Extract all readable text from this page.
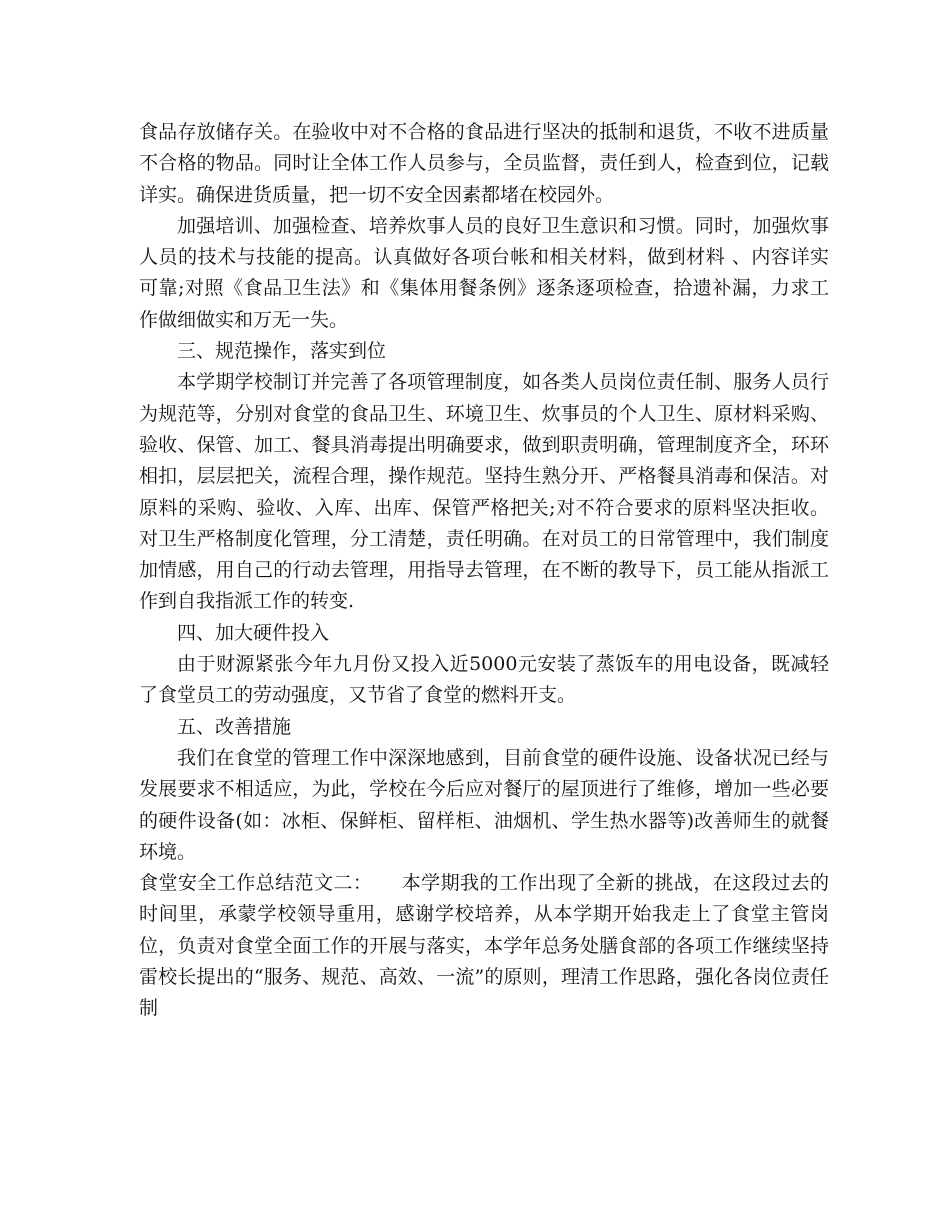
食品存放储存关。在验收中对不合格的食品进行坚决的抵制和退货，不收不进质量不合格的物品。同时让全体工作人员参与，全员监督，责任到人，检查到位，记载详实。确保进货质量，把一切不安全因素都堵在校园外。

加强培训、加强检查、培养炊事人员的良好卫生意识和习惯。同时，加强炊事人员的技术与技能的提高。认真做好各项台帐和相关材料，做到材料 、内容详实可靠;对照《食品卫生法》和《集体用餐条例》逐条逐项检查，拾遗补漏，力求工作做细做实和万无一失。

三、规范操作，落实到位

本学期学校制订并完善了各项管理制度，如各类人员岗位责任制、服务人员行为规范等，分别对食堂的食品卫生、环境卫生、炊事员的个人卫生、原材料采购、验收、保管、加工、餐具消毒提出明确要求，做到职责明确，管理制度齐全，环环相扣，层层把关，流程合理，操作规范。坚持生熟分开、严格餐具消毒和保洁。对原料的采购、验收、入库、出库、保管严格把关;对不符合要求的原料坚决拒收。对卫生严格制度化管理，分工清楚，责任明确。在对员工的日常管理中，我们制度加情感，用自己的行动去管理，用指导去管理，在不断的教导下，员工能从指派工作到自我指派工作的转变.

四、加大硬件投入

由于财源紧张今年九月份又投入近5000元安装了蒸饭车的用电设备，既减轻了食堂员工的劳动强度，又节省了食堂的燃料开支。

五、改善措施

我们在食堂的管理工作中深深地感到，目前食堂的硬件设施、设备状况已经与发展要求不相适应，为此，学校在今后应对餐厅的屋顶进行了维修，增加一些必要的硬件设备(如：冰柜、保鲜柜、留样柜、油烟机、学生热水器等)改善师生的就餐环境。

食堂安全工作总结范文二：　　本学期我的工作出现了全新的挑战，在这段过去的时间里，承蒙学校领导重用，感谢学校培养，从本学期开始我走上了食堂主管岗位，负责对食堂全面工作的开展与落实，本学年总务处膳食部的各项工作继续坚持雷校长提出的“服务、规范、高效、一流”的原则，理清工作思路，强化各岗位责任制
